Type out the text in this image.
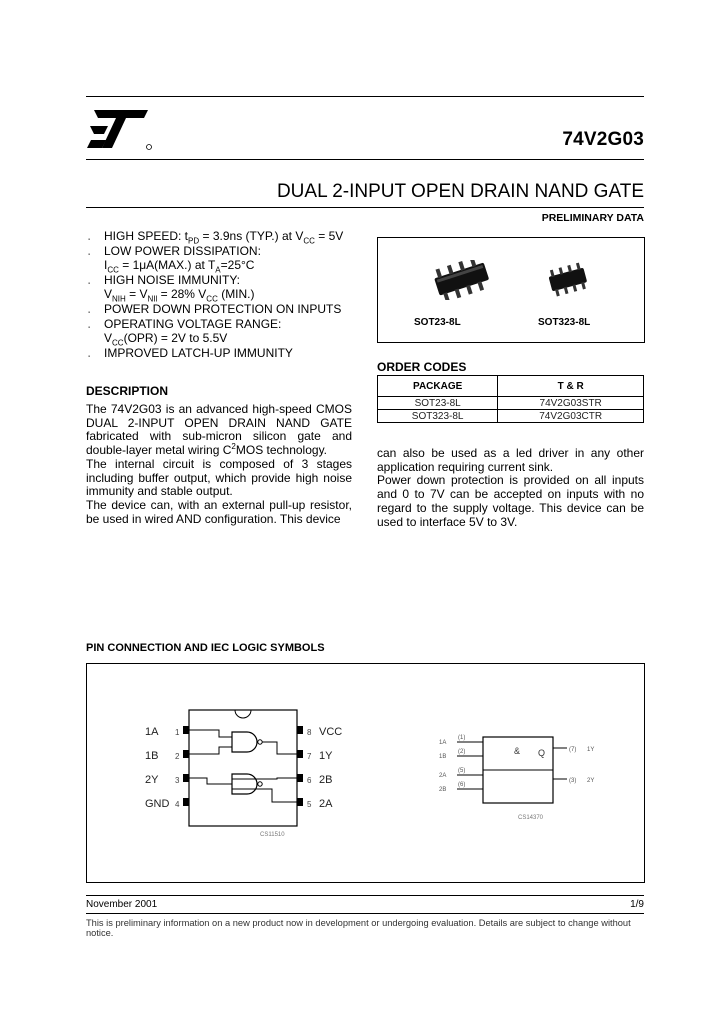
74V2G03
DUAL 2-INPUT OPEN DRAIN NAND GATE
PRELIMINARY DATA
▪ HIGH SPEED: $t_{PD} = 3.9ns$ (TYP.) at $V_{CC} = 5V$
▪ LOW POWER DISSIPATION:
$I_{CC} = 1\mu A(MAX.)$ at $T_A=25^\circ C$
▪ HIGH NOISE IMMUNITY:
$V_{NIH} = V_{NIl} = 28\%$ $V_{CC}$ (MIN.)
▪ POWER DOWN PROTECTION ON INPUTS
▪ OPERATING VOLTAGE RANGE:
$V_{CC}(OPR) = 2V$ to 5.5V
▪ IMPROVED LATCH-UP IMMUNITY
SOT23-8L	SOT323-8L
ORDER CODES
PACKAGE	T & R
SOT23-8L	74V2G03STR
SOT323-8L	74V2G03CTR
DESCRIPTION

The 74V2G03 is an advanced high-speed CMOS DUAL 2-INPUT OPEN DRAIN NAND GATE fabricated with sub-micron silicon gate and double-layer metal wiring $C^2MOS$ technology.

The internal circuit is composed of 3 stages including buffer output, which provide high noise immunity and stable output.

The device can, with an external pull-up resistor, be used in wired AND configuration. This device

can also be used as a led driver in any other application requiring current sink.

Power down protection is provided on all inputs and 0 to 7V can be accepted on inputs with no regard to the supply voltage. This device can be used to interface 5V to 3V.

PIN CONNECTION AND IEC LOGIC SYMBOLS
1A
1B
2Y
GND
1
2
3
4
8
7
6
5
VCC
1Y
2B
2A
CS11510
& Q
1A
1B
2A
2B
(1)
(2)
(5)
(6)
(7)
(3)
1Y
2Y
CS14370
November 2001	1/9
This is preliminary information on a new product now in development or undergoing evaluation. Details are subject to change without notice.
